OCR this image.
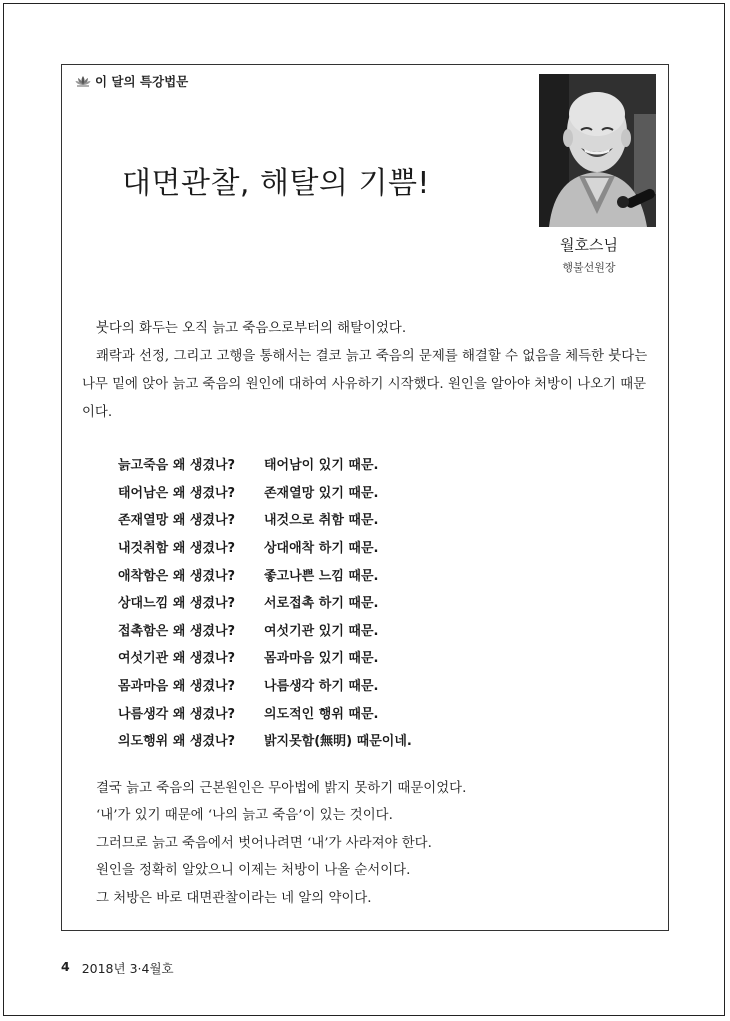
이 달의 특강법문
대면관찰, 해탈의 기쁨!
월호스님
행불선원장

붓다의 화두는 오직 늙고 죽음으로부터의 해탈이었다.

쾌락과 선정, 그리고 고행을 통해서는 결코 늙고 죽음의 문제를 해결할 수 없음을 체득한 붓다는 나무 밑에 앉아 늙고 죽음의 원인에 대하여 사유하기 시작했다. 원인을 알아야 처방이 나오기 때문이다.

늙고죽음 왜 생겼나?	태어남이 있기 때문.
태어남은 왜 생겼나?	존재열망 있기 때문.
존재열망 왜 생겼나?	내것으로 취함 때문.
내것취함 왜 생겼나?	상대애착 하기 때문.
애착함은 왜 생겼나?	좋고나쁜 느낌 때문.
상대느낌 왜 생겼나?	서로접촉 하기 때문.
접촉함은 왜 생겼나?	여섯기관 있기 때문.
여섯기관 왜 생겼나?	몸과마음 있기 때문.
몸과마음 왜 생겼나?	나름생각 하기 때문.
나름생각 왜 생겼나?	의도적인 행위 때문.
의도행위 왜 생겼나?	밝지못함(無明) 때문이네.

결국 늙고 죽음의 근본원인은 무아법에 밝지 못하기 때문이었다.

‘내’가 있기 때문에 ‘나의 늙고 죽음’이 있는 것이다.

그러므로 늙고 죽음에서 벗어나려면 ‘내’가 사라져야 한다.

원인을 정확히 알았으니 이제는 처방이 나올 순서이다.

그 처방은 바로 대면관찰이라는 네 알의 약이다.

4 2018년 3·4월호
